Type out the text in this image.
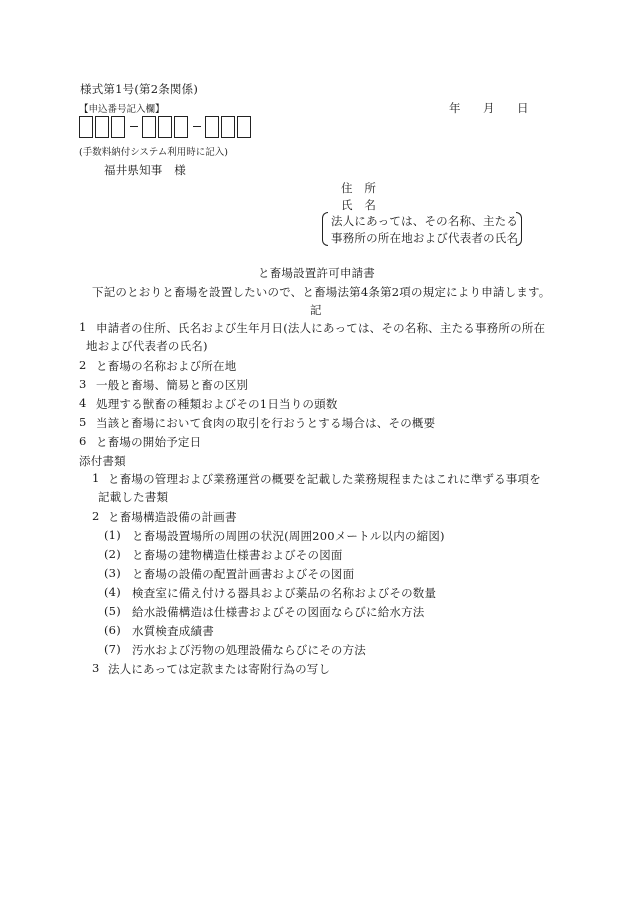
様式第1号(第2条関係)
【申込番号記入欄】
(手数料納付システム利用時に記入)
年 月 日
福井県知事　様
住　所
氏　名
法人にあっては、その名称、主たる
事務所の所在地および代表者の氏名
と畜場設置許可申請書
下記のとおりと畜場を設置したいので、と畜場法第4条第2項の規定により申請します。
記
1 申請者の住所、氏名および生年月日(法人にあっては、その名称、主たる事務所の所在
地および代表者の氏名)
2 と畜場の名称および所在地
3 一般と畜場、簡易と畜の区別
4 処理する獣畜の種類およびその1日当りの頭数
5 当該と畜場において食肉の取引を行おうとする場合は、その概要
6 と畜場の開始予定日
添付書類
1 と畜場の管理および業務運営の概要を記載した業務規程またはこれに準ずる事項を
記載した書類
2 と畜場構造設備の計画書
(1) と畜場設置場所の周囲の状況(周囲200メートル以内の縮図)
(2) と畜場の建物構造仕様書およびその図面
(3) と畜場の設備の配置計画書およびその図面
(4) 検査室に備え付ける器具および薬品の名称およびその数量
(5) 給水設備構造は仕様書およびその図面ならびに給水方法
(6) 水質検査成績書
(7) 汚水および汚物の処理設備ならびにその方法
3 法人にあっては定款または寄附行為の写し
